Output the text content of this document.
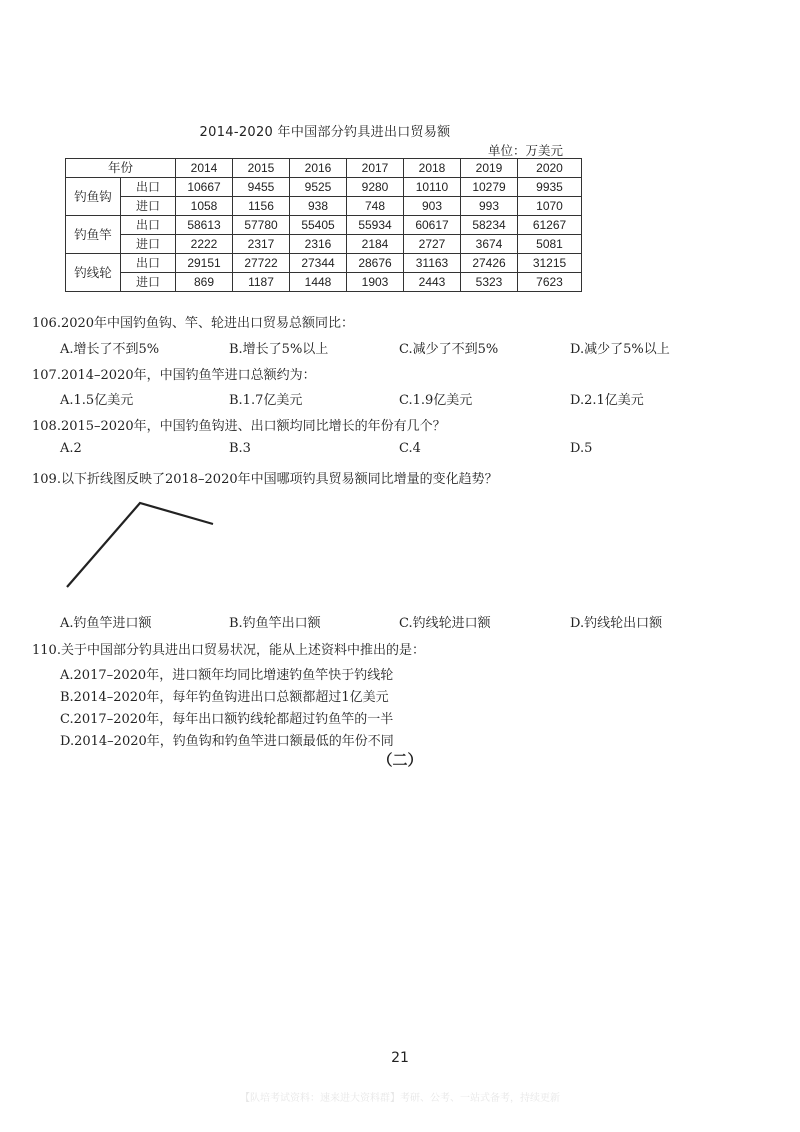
2014-2020 年中国部分钓具进出口贸易额
单位：万美元
年份		2014	2015	2016	2017	2018	2019	2020
钓鱼钩	出口	10667	9455	9525	9280	10110	10279	9935
	进口	1058	1156	938	748	903	993	1070
钓鱼竿	出口	58613	57780	55405	55934	60617	58234	61267
	进口	2222	2317	2316	2184	2727	3674	5081
钓线轮	出口	29151	27722	27344	28676	31163	27426	31215
	进口	869	1187	1448	1903	2443	5323	7623
106.2020年中国钓鱼钩、竿、轮进出口贸易总额同比：
A.增长了不到5%	B.增长了5%以上	C.减少了不到5%	D.减少了5%以上
107.2014–2020年，中国钓鱼竿进口总额约为：
A.1.5亿美元	B.1.7亿美元	C.1.9亿美元	D.2.1亿美元
108.2015–2020年，中国钓鱼钩进、出口额均同比增长的年份有几个？
A.2	B.3	C.4	D.5
109.以下折线图反映了2018–2020年中国哪项钓具贸易额同比增量的变化趋势？
A.钓鱼竿进口额	B.钓鱼竿出口额	C.钓线轮进口额	D.钓线轮出口额
110.关于中国部分钓具进出口贸易状况，能从上述资料中推出的是：
A.2017–2020年，进口额年均同比增速钓鱼竿快于钓线轮
B.2014–2020年，每年钓鱼钩进出口总额都超过1亿美元
C.2017–2020年，每年出口额钓线轮都超过钓鱼竿的一半
D.2014–2020年，钓鱼钩和钓鱼竿进口额最低的年份不同
（二）
21
【队培考试资料：速来进大资料群】考研、公考、一站式备考，持续更新
